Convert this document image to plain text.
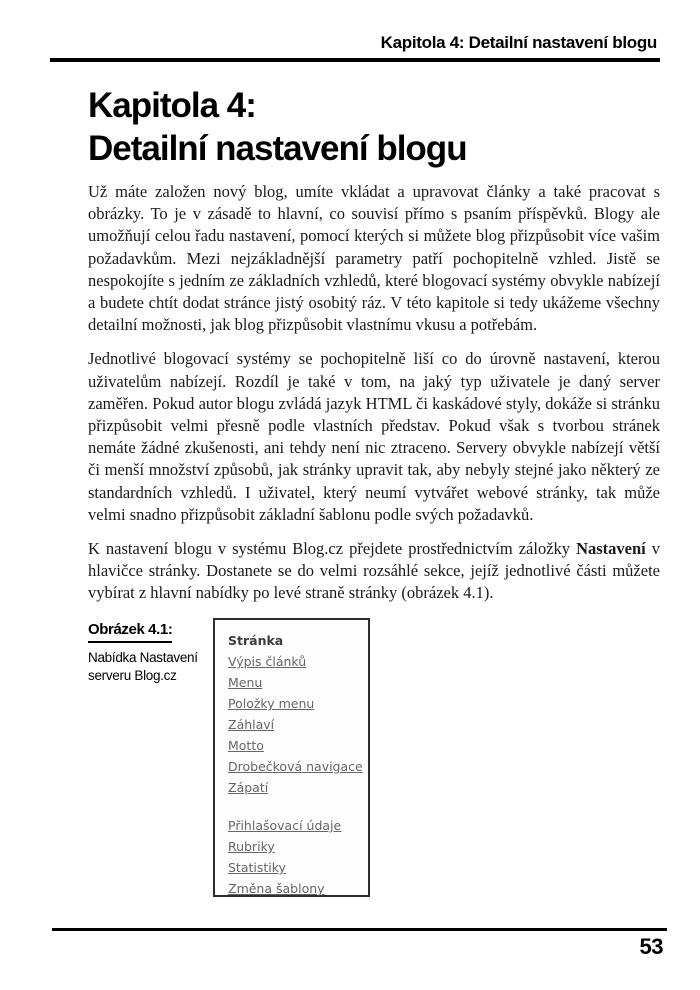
Kapitola 4: Detailní nastavení blogu
Kapitola 4:
Detailní nastavení blogu

Už máte založen nový blog, umíte vkládat a upravovat články a také pracovat s obrázky. To je v zásadě to hlavní, co souvisí přímo s psaním příspěvků. Blogy ale umožňují celou řadu nastavení, pomocí kterých si můžete blog přizpůsobit více vašim požadavkům. Mezi nejzákladnější parametry patří pochopitelně vzhled. Jistě se nespokojíte s jedním ze základních vzhledů, které blogovací systémy obvykle nabízejí a budete chtít dodat stránce jistý osobitý ráz. V této kapitole si tedy ukážeme všechny detailní možnosti, jak blog přizpůsobit vlastnímu vkusu a potřebám.

Jednotlivé blogovací systémy se pochopitelně liší co do úrovně nastavení, kterou uživatelům nabízejí. Rozdíl je také v tom, na jaký typ uživatele je daný server zaměřen. Pokud autor blogu zvládá jazyk HTML či kaskádové styly, dokáže si stránku přizpůsobit velmi přesně podle vlastních představ. Pokud však s tvorbou stránek nemáte žádné zkušenosti, ani tehdy není nic ztraceno. Servery obvykle nabízejí větší či menší množství způsobů, jak stránky upravit tak, aby nebyly stejné jako některý ze standardních vzhledů. I uživatel, který neumí vytvářet webové stránky, tak může velmi snadno přizpůsobit základní šablonu podle svých požadavků.

K nastavení blogu v systému Blog.cz přejdete prostřednictvím záložky Nastavení v hlavičce stránky. Dostanete se do velmi rozsáhlé sekce, jejíž jednotlivé části můžete vybírat z hlavní nabídky po levé straně stránky (obrázek 4.1).

Obrázek 4.1:
Nabídka Nastavení
serveru Blog.cz
Stránka
Výpis článků
Menu
Položky menu
Záhlaví
Motto
Drobečková navigace
Zápatí
Přihlašovací údaje
Rubriky
Statistiky
Změna šablony
53
